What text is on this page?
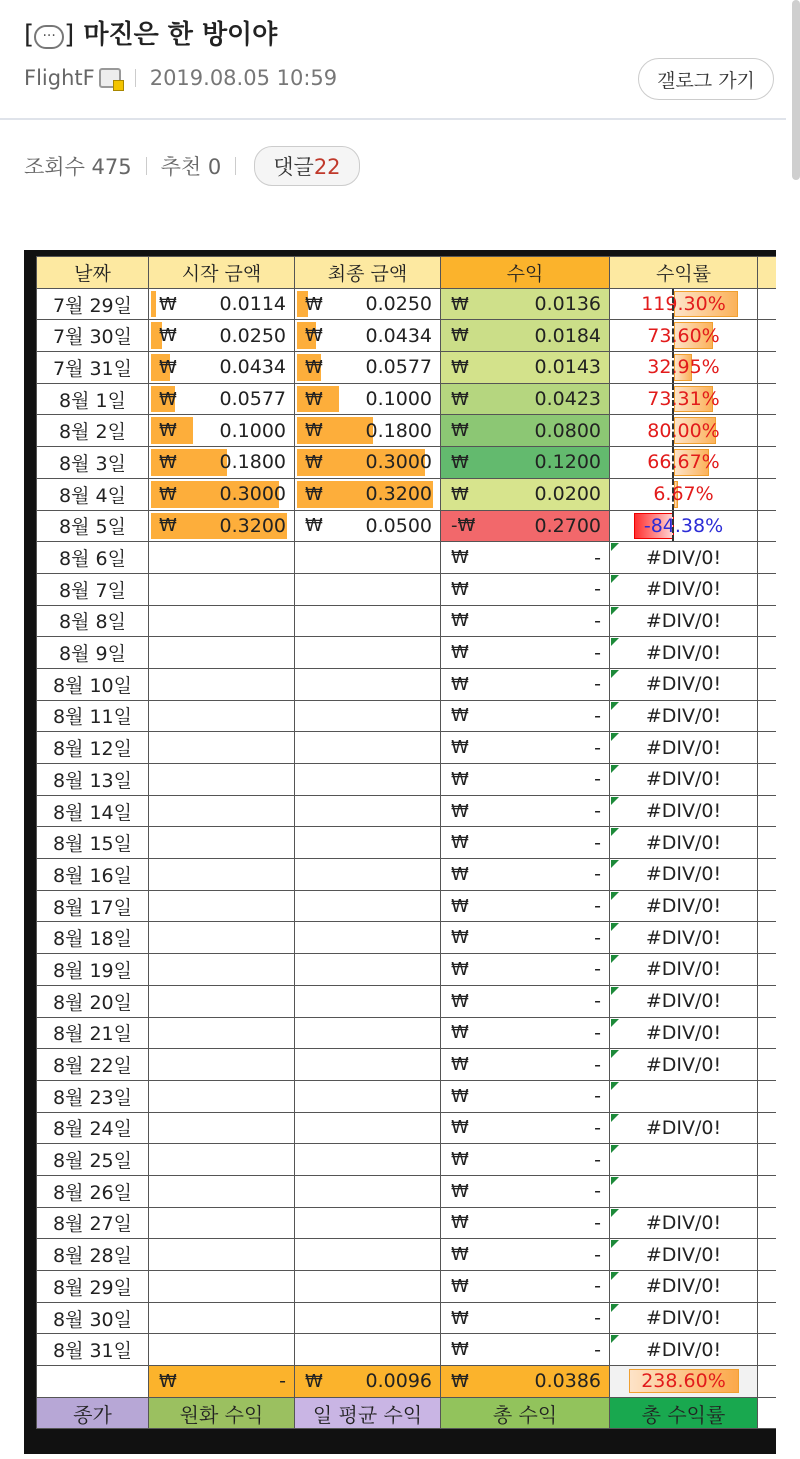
[ ··· ] 마진은 한 방이야
FlightF	2019.08.05 10:59	갤로그 가기
조회수 475 추천 0	댓글22
날짜	시작 금액	최종 금액	수익	수익률	
7월 29일	₩ 0.0114	₩ 0.0250	₩ 0.0136	119.30%	
7월 30일	₩ 0.0250	₩ 0.0434	₩ 0.0184	73.60%	
7월 31일	₩ 0.0434	₩ 0.0577	₩ 0.0143	32.95%	
8월 1일	₩ 0.0577	₩ 0.1000	₩ 0.0423	73.31%	
8월 2일	₩ 0.1000	₩ 0.1800	₩ 0.0800	80.00%	
8월 3일	₩ 0.1800	₩ 0.3000	₩ 0.1200	66.67%	
8월 4일	₩ 0.3000	₩ 0.3200	₩ 0.0200	6.67%	
8월 5일	₩ 0.3200	₩ 0.0500	-₩ 0.2700	-84.38%	
8월 6일			₩ -	#DIV/0!	
8월 7일			₩ -	#DIV/0!	
8월 8일			₩ -	#DIV/0!	
8월 9일			₩ -	#DIV/0!	
8월 10일			₩ -	#DIV/0!	
8월 11일			₩ -	#DIV/0!	
8월 12일			₩ -	#DIV/0!	
8월 13일			₩ -	#DIV/0!	
8월 14일			₩ -	#DIV/0!	
8월 15일			₩ -	#DIV/0!	
8월 16일			₩ -	#DIV/0!	
8월 17일			₩ -	#DIV/0!	
8월 18일			₩ -	#DIV/0!	
8월 19일			₩ -	#DIV/0!	
8월 20일			₩ -	#DIV/0!	
8월 21일			₩ -	#DIV/0!	
8월 22일			₩ -	#DIV/0!	
8월 23일			₩ -		

8월 24일			₩ -	#DIV/0!	
8월 25일			₩ -		

8월 26일			₩ -		

8월 27일			₩ -	#DIV/0!	
8월 28일			₩ -	#DIV/0!	
8월 29일			₩ -	#DIV/0!	
8월 30일			₩ -	#DIV/0!	
8월 31일			₩ -	#DIV/0!	

	₩ -	₩ 0.0096	₩ 0.0386	238.60%	
종가	원화 수익	일 평균 수익	총 수익	총 수익률	
